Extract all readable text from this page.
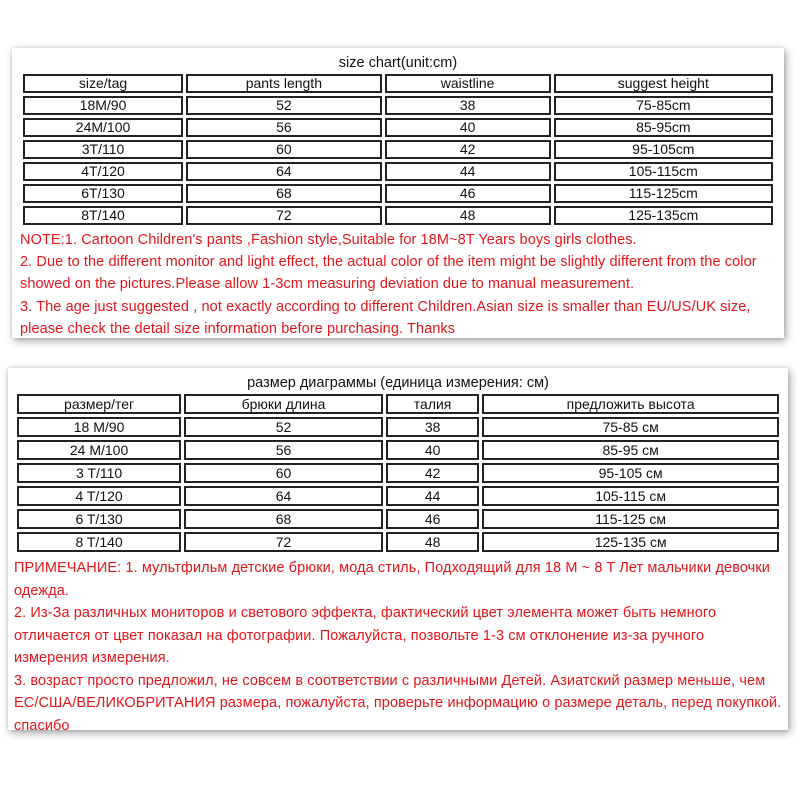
size chart(unit:cm)
size/tag	pants length	waistline	suggest height
18M/90	52	38	75-85cm
24M/100	56	40	85-95cm
3T/110	60	42	95-105cm
4T/120	64	44	105-115cm
6T/130	68	46	115-125cm
8T/140	72	48	125-135cm

NOTE:1. Cartoon Children's pants ,Fashion style,Suitable for 18M~8T Years boys girls clothes.

2. Due to the different monitor and light effect, the actual color of the item might be slightly different from the color showed on the pictures.Please allow 1-3cm measuring deviation due to manual measurement.

3. The age just suggested , not exactly according to different Children.Asian size is smaller than EU/US/UK size, please check the detail size information before purchasing. Thanks

размер диаграммы (единица измерения: см)
размер/тег	брюки длина	талия	предложить высота
18 M/90	52	38	75-85 см
24 M/100	56	40	85-95 см
3 T/110	60	42	95-105 см
4 T/120	64	44	105-115 см
6 T/130	68	46	115-125 см
8 T/140	72	48	125-135 см

ПРИМЕЧАНИЕ: 1. мультфильм детские брюки, мода стиль, Подходящий для 18 M ~ 8 T Лет мальчики девочки одежда.

2. Из-За различных мониторов и светового эффекта, фактический цвет элемента может быть немного отличается от цвет показал на фотографии. Пожалуйста, позвольте 1-3 см отклонение из-за ручного измерения измерения.

3. возраст просто предложил, не совсем в соответствии с различными Детей. Азиатский размер меньше, чем EC/США/ВЕЛИКОБРИТАНИЯ размера, пожалуйста, проверьте информацию о размере деталь, перед покупкой. спасибо
